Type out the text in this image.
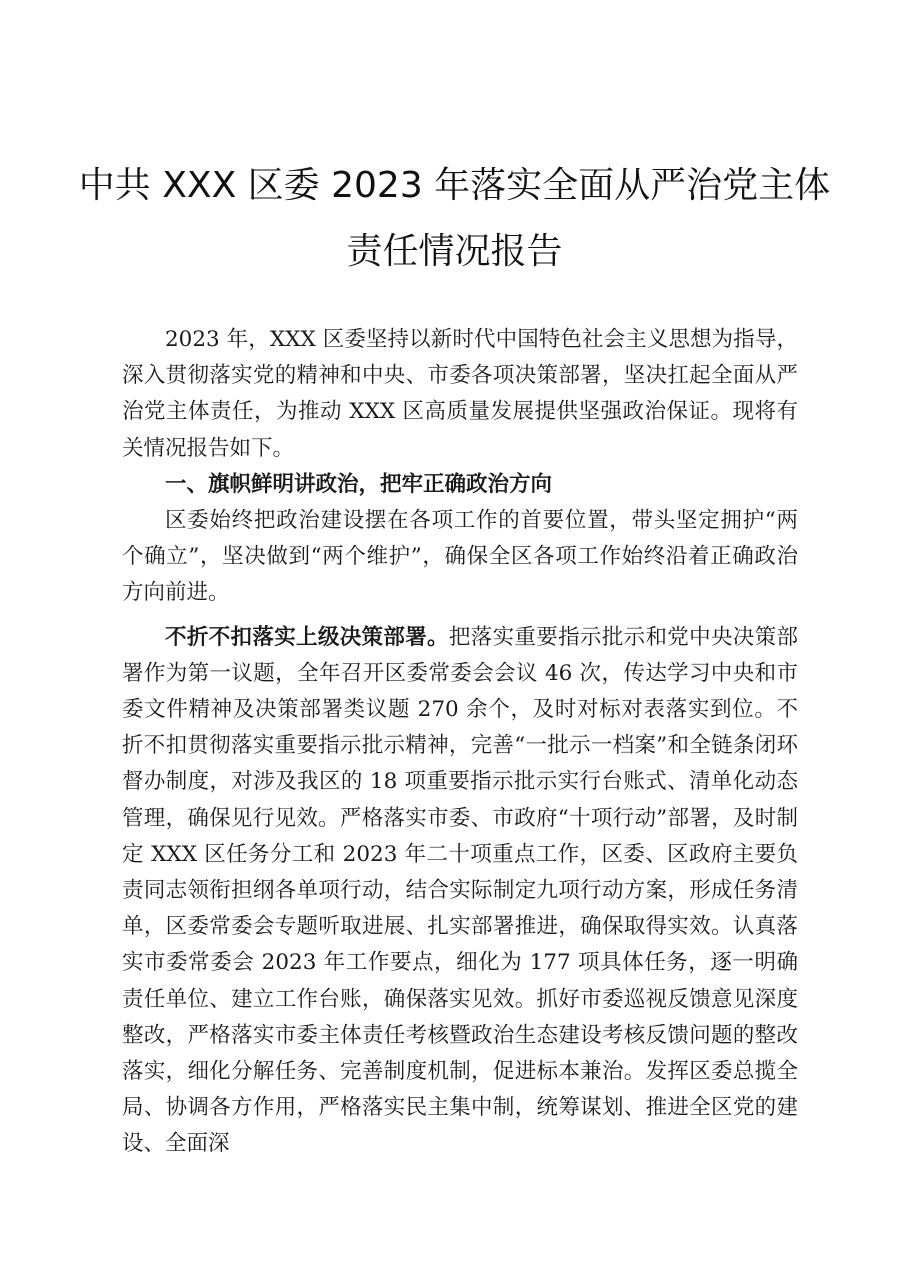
中共 XXX 区委 2023 年落实全面从严治党主体
责任情况报告

2023 年，XXX 区委坚持以新时代中国特色社会主义思想为指导，深入贯彻落实党的精神和中央、市委各项决策部署，坚决扛起全面从严治党主体责任，为推动 XXX 区高质量发展提供坚强政治保证。现将有关情况报告如下。

一、旗帜鲜明讲政治，把牢正确政治方向

区委始终把政治建设摆在各项工作的首要位置，带头坚定拥护“两个确立”，坚决做到“两个维护”，确保全区各项工作始终沿着正确政治方向前进。

不折不扣落实上级决策部署。把落实重要指示批示和党中央决策部署作为第一议题，全年召开区委常委会会议 46 次，传达学习中央和市委文件精神及决策部署类议题 270 余个，及时对标对表落实到位。不折不扣贯彻落实重要指示批示精神，完善“一批示一档案”和全链条闭环督办制度，对涉及我区的 18 项重要指示批示实行台账式、清单化动态管理，确保见行见效。严格落实市委、市政府“十项行动”部署，及时制定 XXX 区任务分工和 2023 年二十项重点工作，区委、区政府主要负责同志领衔担纲各单项行动，结合实际制定九项行动方案，形成任务清单，区委常委会专题听取进展、扎实部署推进，确保取得实效。认真落实市委常委会 2023 年工作要点，细化为 177 项具体任务，逐一明确责任单位、建立工作台账，确保落实见效。抓好市委巡视反馈意见深度整改，严格落实市委主体责任考核暨政治生态建设考核反馈问题的整改落实，细化分解任务、完善制度机制，促进标本兼治。发挥区委总揽全局、协调各方作用，严格落实民主集中制，统筹谋划、推进全区党的建设、全面深
